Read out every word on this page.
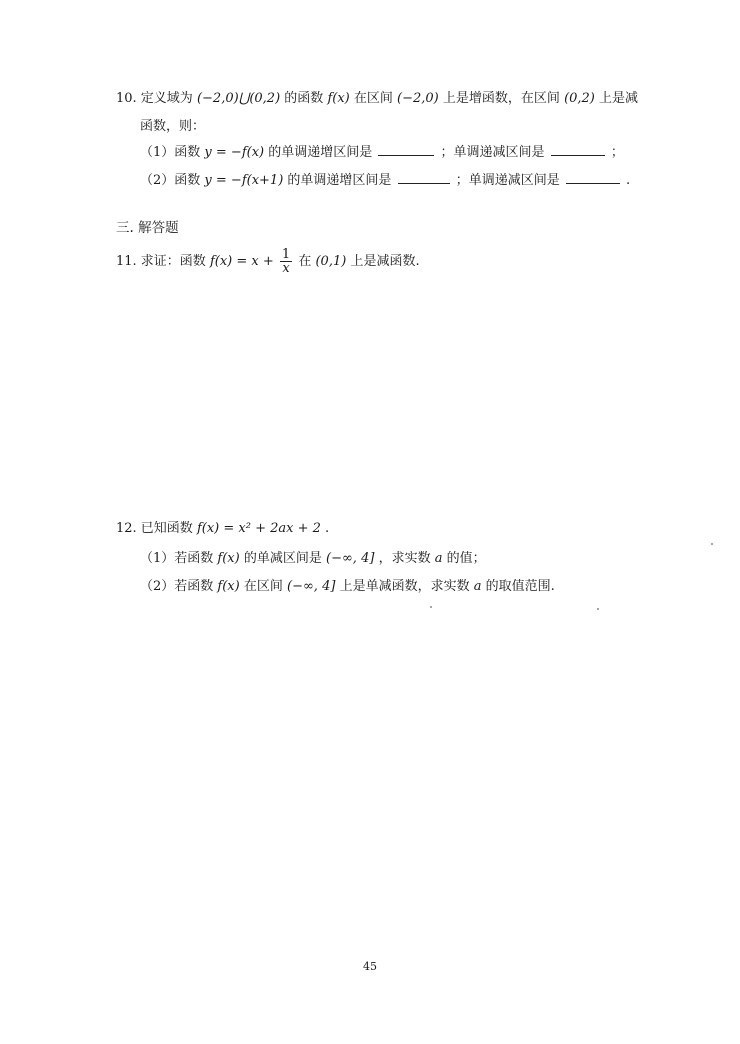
10. 定义域为 (−2,0)⋃(0,2) 的函数 f(x) 在区间 (−2,0) 上是增函数，在区间 (0,2) 上是减
函数，则：
（1）函数 y = −f(x) 的单调递增区间是	；单调递减区间是	；
（2）函数 y = −f(x+1) 的单调递增区间是	；单调递减区间是	.
三. 解答题
11. 求证：函数 $f(x) = x + \frac{1}{x}$ 在 (0,1) 上是减函数.
12. 已知函数 f(x) = x² + 2ax + 2 .
（1）若函数 f(x) 的单减区间是 (−∞, 4] ，求实数 a 的值；
（2）若函数 f(x) 在区间 (−∞, 4] 上是单减函数，求实数 a 的取值范围.
45
